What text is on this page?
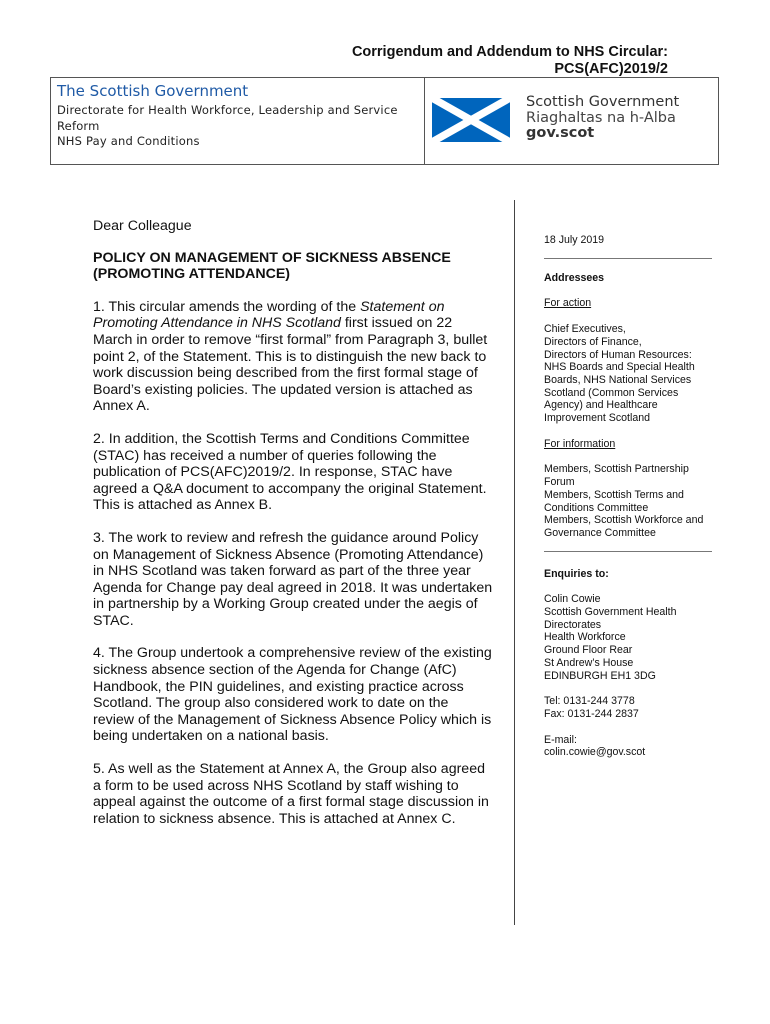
Corrigendum and Addendum to NHS Circular:
PCS(AFC)2019/2
The Scottish Government
Directorate for Health Workforce, Leadership and Service
Reform
NHS Pay and Conditions
Scottish Government
Riaghaltas na h-Alba
gov.scot

Dear Colleague

POLICY ON MANAGEMENT OF SICKNESS ABSENCE
(PROMOTING ATTENDANCE)

1. This circular amends the wording of the Statement on Promoting Attendance in NHS Scotland first issued on 22 March in order to remove “first formal” from Paragraph 3, bullet point 2, of the Statement. This is to distinguish the new back to work discussion being described from the first formal stage of Board’s existing policies. The updated version is attached as Annex A.

2. In addition, the Scottish Terms and Conditions Committee (STAC) has received a number of queries following the publication of PCS(AFC)2019/2. In response, STAC have agreed a Q&A document to accompany the original Statement. This is attached as Annex B.

3. The work to review and refresh the guidance around Policy on Management of Sickness Absence (Promoting Attendance) in NHS Scotland was taken forward as part of the three year Agenda for Change pay deal agreed in 2018. It was undertaken in partnership by a Working Group created under the aegis of STAC.

4. The Group undertook a comprehensive review of the existing sickness absence section of the Agenda for Change (AfC) Handbook, the PIN guidelines, and existing practice across Scotland. The group also considered work to date on the review of the Management of Sickness Absence Policy which is being undertaken on a national basis.

5. As well as the Statement at Annex A, the Group also agreed a form to be used across NHS Scotland by staff wishing to appeal against the outcome of a first formal stage discussion in relation to sickness absence. This is attached at Annex C.

18 July 2019

Addressees

For action

Chief Executives,

Directors of Finance,

Directors of Human Resources:

NHS Boards and Special Health

Boards, NHS National Services

Scotland (Common Services

Agency) and Healthcare

Improvement Scotland

For information

Members, Scottish Partnership

Forum

Members, Scottish Terms and

Conditions Committee

Members, Scottish Workforce and

Governance Committee

Enquiries to:

Colin Cowie

Scottish Government Health

Directorates

Health Workforce

Ground Floor Rear

St Andrew’s House

EDINBURGH EH1 3DG

Tel: 0131-244 3778

Fax: 0131-244 2837

E-mail:

colin.cowie@gov.scot
